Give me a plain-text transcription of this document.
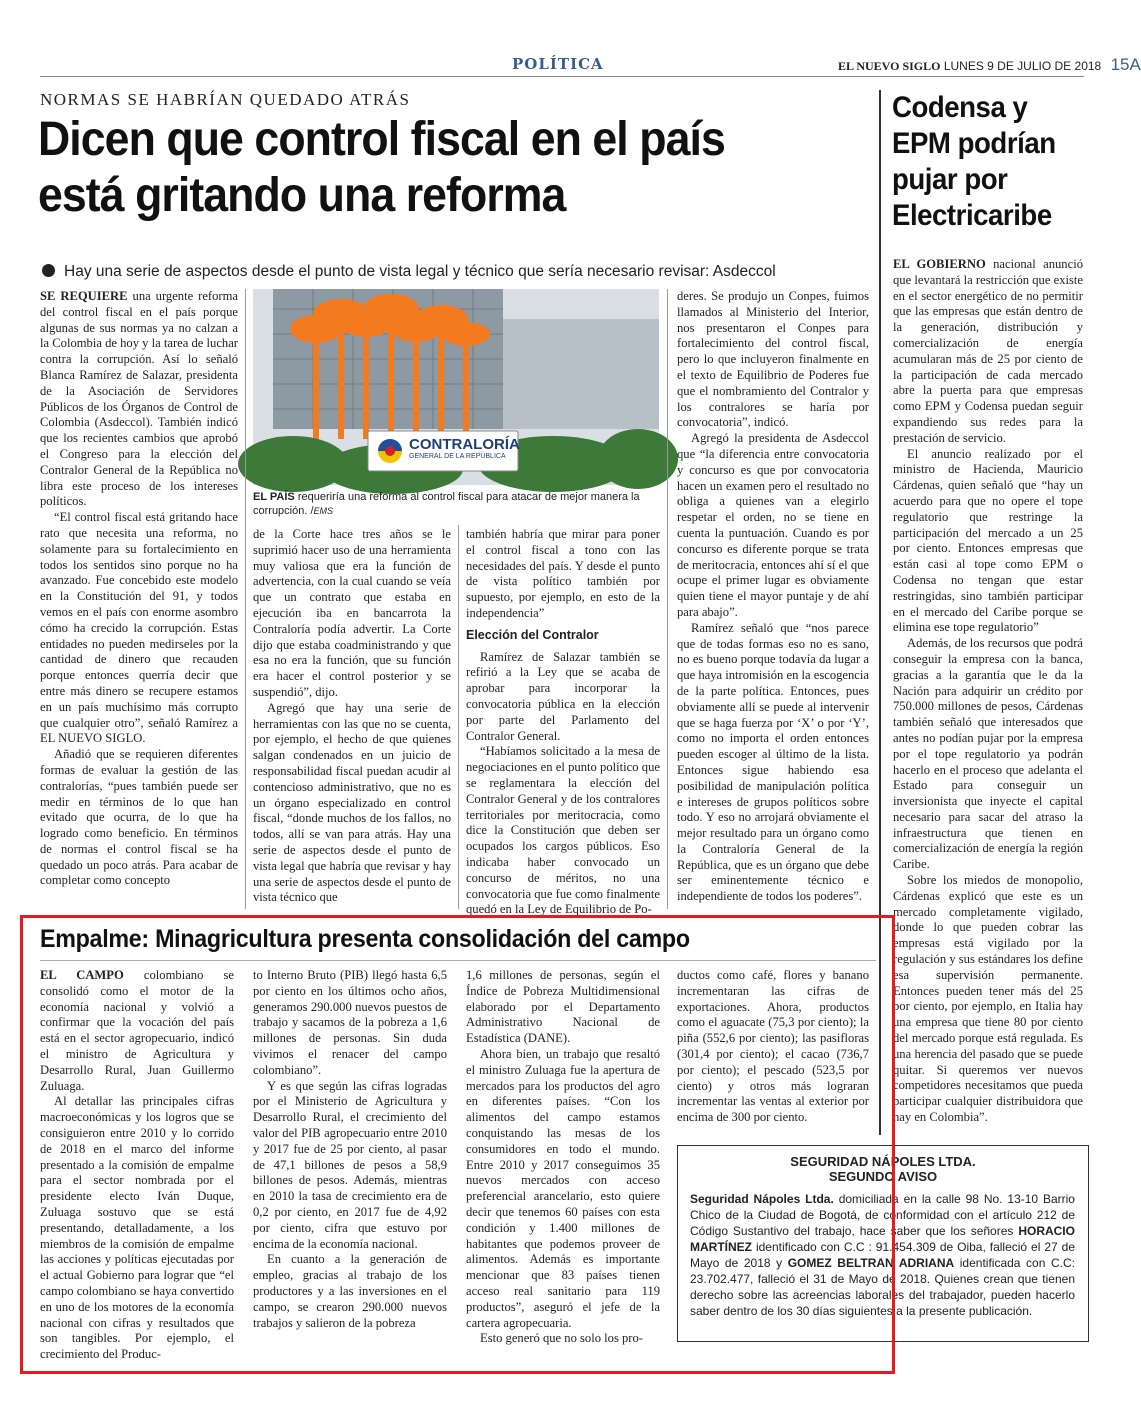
POLÍTICA	EL NUEVO SIGLO LUNES 9 DE JULIO DE 2018 15A
NORMAS SE HABRÍAN QUEDADO ATRÁS
Dicen que control fiscal en el país está gritando una reforma
Hay una serie de aspectos desde el punto de vista legal y técnico que sería necesario revisar: Asdeccol

SE REQUIERE una urgente reforma del control fiscal en el país porque algunas de sus normas ya no calzan a la Colombia de hoy y la tarea de luchar contra la corrupción. Así lo señaló Blanca Ramírez de Salazar, presidenta de la Asociación de Servidores Públicos de los Órganos de Control de Colombia (Asdeccol). También indicó que los recientes cambios que aprobó el Congreso para la elección del Contralor General de la República no libra este proceso de los intereses políticos.

“El control fiscal está gritando hace rato que necesita una reforma, no solamente para su fortalecimiento en todos los sentidos sino porque no ha avanzado. Fue concebido este modelo en la Constitución del 91, y todos vemos en el país con enorme asombro cómo ha crecido la corrupción. Estas entidades no pueden medirseles por la cantidad de dinero que recauden porque entonces querría decir que entre más dinero se recupere estamos en un país muchísimo más corrupto que cualquier otro”, señaló Ramírez a EL NUEVO SIGLO.

Añadió que se requieren diferentes formas de evaluar la gestión de las contralorías, “pues también puede ser medir en términos de lo que han evitado que ocurra, de lo que ha logrado como beneficio. En términos de normas el control fiscal se ha quedado un poco atrás. Para acabar de completar como concepto

CONTRALORÍA
GENERAL DE LA REPÚBLICA
EL PAÍS requeriría una reforma al control fiscal para atacar de mejor manera la corrupción. /EMS

de la Corte hace tres años se le suprimió hacer uso de una herramienta muy valiosa que era la función de advertencia, con la cual cuando se veía que un contrato que estaba en ejecución iba en bancarrota la Contraloría podía advertir. La Corte dijo que estaba coadministrando y que esa no era la función, que su función era hacer el control posterior y se suspendió”, dijo.

Agregó que hay una serie de herramientas con las que no se cuenta, por ejemplo, el hecho de que quienes salgan condenados en un juicio de responsabilidad fiscal puedan acudir al contencioso administrativo, que no es un órgano especializado en control fiscal, “donde muchos de los fallos, no todos, allí se van para atrás. Hay una serie de aspectos desde el punto de vista legal que habría que revisar y hay una serie de aspectos desde el punto de vista técnico que

también habría que mirar para poner el control fiscal a tono con las necesidades del país. Y desde el punto de vista político también por supuesto, por ejemplo, en esto de la independencia”

Elección del Contralor

Ramírez de Salazar también se refirió a la Ley que se acaba de aprobar para incorporar la convocatoria pública en la elección por parte del Parlamento del Contralor General.

“Habíamos solicitado a la mesa de negociaciones en el punto político que se reglamentara la elección del Contralor General y de los contralores territoriales por meritocracia, como dice la Constitución que deben ser ocupados los cargos públicos. Eso indicaba haber convocado un concurso de méritos, no una convocatoria que fue como finalmente quedó en la Ley de Equilibrio de Po-

deres. Se produjo un Conpes, fuimos llamados al Ministerio del Interior, nos presentaron el Conpes para fortalecimiento del control fiscal, pero lo que incluyeron finalmente en el texto de Equilibrio de Poderes fue que el nombramiento del Contralor y los contralores se haría por convocatoria”, indicó.

Agregó la presidenta de Asdeccol que “la diferencia entre convocatoria y concurso es que por convocatoria hacen un examen pero el resultado no obliga a quienes van a elegirlo respetar el orden, no se tiene en cuenta la puntuación. Cuando es por concurso es diferente porque se trata de meritocracia, entonces ahí sí el que ocupe el primer lugar es obviamente quien tiene el mayor puntaje y de ahí para abajo”.

Ramírez señaló que “nos parece que de todas formas eso no es sano, no es bueno porque todavía da lugar a que haya intromisión en la escogencia de la parte política. Entonces, pues obviamente allí se puede al intervenir que se haga fuerza por ‘X’ o por ‘Y’, como no importa el orden entonces pueden escoger al último de la lista. Entonces sigue habiendo esa posibilidad de manipulación política e intereses de grupos políticos sobre todo. Y eso no arrojará obviamente el mejor resultado para un órgano como la Contraloría General de la República, que es un órgano que debe ser eminentemente técnico e independiente de todos los poderes”.

Codensa y EPM podrían pujar por Electricaribe

EL GOBIERNO nacional anunció que levantará la restricción que existe en el sector energético de no permitir que las empresas que están dentro de la generación, distribución y comercialización de energía acumularan más de 25 por ciento de la participación de cada mercado abre la puerta para que empresas como EPM y Codensa puedan seguir expandiendo sus redes para la prestación de servicio.

El anuncio realizado por el ministro de Hacienda, Mauricio Cárdenas, quien señaló que “hay un acuerdo para que no opere el tope regulatorio que restringe la participación del mercado a un 25 por ciento. Entonces empresas que están casi al tope como EPM o Codensa no tengan que estar restringidas, sino también participar en el mercado del Caribe porque se elimina ese tope regulatorio”

Además, de los recursos que podrá conseguir la empresa con la banca, gracias a la garantía que le da la Nación para adquirir un crédito por 750.000 millones de pesos, Cárdenas también señaló que interesados que antes no podían pujar por la empresa por el tope regulatorio ya podrán hacerlo en el proceso que adelanta el Estado para conseguir un inversionista que inyecte el capital necesario para sacar del atraso la infraestructura que tienen en comercialización de energía la región Caribe.

Sobre los miedos de monopolio, Cárdenas explicó que este es un mercado completamente vigilado, donde lo que pueden cobrar las empresas está vigilado por la regulación y sus estándares los define esa supervisión permanente. Entonces pueden tener más del 25 por ciento, por ejemplo, en Italia hay una empresa que tiene 80 por ciento del mercado porque está regulada. Es una herencia del pasado que se puede quitar. Si queremos ver nuevos competidores necesitamos que pueda participar cualquier distribuidora que hay en Colombia”.

Empalme: Minagricultura presenta consolidación del campo

EL CAMPO colombiano se consolidó como el motor de la economía nacional y volvió a confirmar que la vocación del país está en el sector agropecuario, indicó el ministro de Agricultura y Desarrollo Rural, Juan Guillermo Zuluaga.

Al detallar las principales cifras macroeconómicas y los logros que se consiguieron entre 2010 y lo corrido de 2018 en el marco del informe presentado a la comisión de empalme para el sector nombrada por el presidente electo Iván Duque, Zuluaga sostuvo que se está presentando, detalladamente, a los miembros de la comisión de empalme las acciones y políticas ejecutadas por el actual Gobierno para lograr que “el campo colombiano se haya convertido en uno de los motores de la economía nacional con cifras y resultados que son tangibles. Por ejemplo, el crecimiento del Produc-

to Interno Bruto (PIB) llegó hasta 6,5 por ciento en los últimos ocho años, generamos 290.000 nuevos puestos de trabajo y sacamos de la pobreza a 1,6 millones de personas. Sin duda vivimos el renacer del campo colombiano”.

Y es que según las cifras logradas por el Ministerio de Agricultura y Desarrollo Rural, el crecimiento del valor del PIB agropecuario entre 2010 y 2017 fue de 25 por ciento, al pasar de 47,1 billones de pesos a 58,9 billones de pesos. Además, mientras en 2010 la tasa de crecimiento era de 0,2 por ciento, en 2017 fue de 4,92 por ciento, cifra que estuvo por encima de la economía nacional.

En cuanto a la generación de empleo, gracias al trabajo de los productores y a las inversiones en el campo, se crearon 290.000 nuevos trabajos y salieron de la pobreza

1,6 millones de personas, según el Índice de Pobreza Multidimensional elaborado por el Departamento Administrativo Nacional de Estadística (DANE).

Ahora bien, un trabajo que resaltó el ministro Zuluaga fue la apertura de mercados para los productos del agro en diferentes países. “Con los alimentos del campo estamos conquistando las mesas de los consumidores en todo el mundo. Entre 2010 y 2017 conseguimos 35 nuevos mercados con acceso preferencial arancelario, esto quiere decir que tenemos 60 países con esta condición y 1.400 millones de habitantes que podemos proveer de alimentos. Además es importante mencionar que 83 países tienen acceso real sanitario para 119 productos”, aseguró el jefe de la cartera agropecuaria.

Esto generó que no solo los pro-

ductos como café, flores y banano incrementaran las cifras de exportaciones. Ahora, productos como el aguacate (75,3 por ciento); la piña (552,6 por ciento); las pasifloras (301,4 por ciento); el cacao (736,7 por ciento); el pescado (523,5 por ciento) y otros más lograran incrementar las ventas al exterior por encima de 300 por ciento.

SEGURIDAD NÁPOLES LTDA.
SEGUNDO AVISO
Seguridad Nápoles Ltda. domiciliada en la calle 98 No. 13-10 Barrio Chico de la Ciudad de Bogotá, de conformidad con el artículo 212 de Código Sustantivo del trabajo, hace saber que los señores HORACIO MARTÍNEZ identificado con C.C : 91.454.309 de Oiba, falleció el 27 de Mayo de 2018 y GOMEZ BELTRAN ADRIANA identificada con C.C: 23.702.477, falleció el 31 de Mayo de 2018. Quienes crean que tienen derecho sobre las acreencias laborales del trabajador, pueden hacerlo saber dentro de los 30 días siguientes a la presente publicación.
